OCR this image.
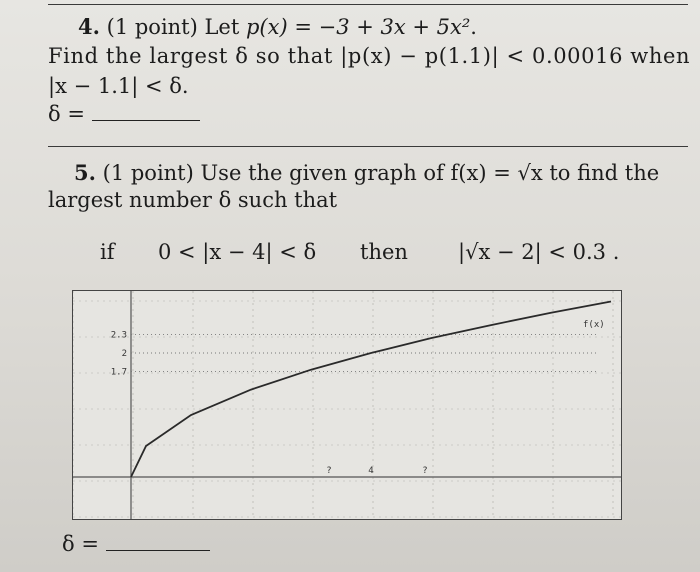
4. (1 point) Let p(x) = −3 + 3x + 5x².
Find the largest δ so that |p(x) − p(1.1)| < 0.00016 when
|x − 1.1| < δ.
δ =
5. (1 point) Use the given graph of f(x) = √x to find the
largest number δ such that
if 0 < |x − 4| < δ then |√x − 2| < 0.3 .
2.3
2
1.7
?	4	?
f(x)
δ =
